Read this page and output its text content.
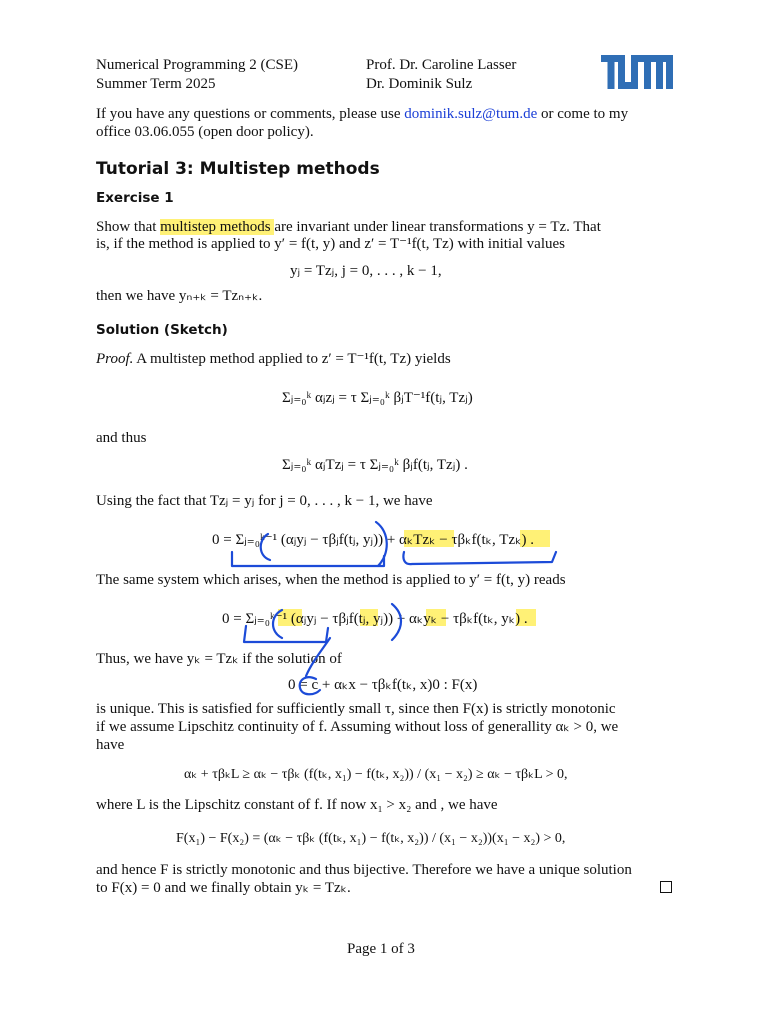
Numerical Programming 2 (CSE)
Summer Term 2025
Prof. Dr. Caroline Lasser
Dr. Dominik Sulz
If you have any questions or comments, please use dominik.sulz@tum.de or come to my
office 03.06.055 (open door policy).
Tutorial 3: Multistep methods
Exercise 1
Show that multistep methods are invariant under linear transformations y = Tz. That
is, if the method is applied to y′ = f(t, y) and z′ = T⁻¹f(t, Tz) with initial values
yⱼ = Tzⱼ, j = 0, . . . , k − 1,
then we have yₙ₊ₖ = Tzₙ₊ₖ.
Solution (Sketch)
Proof. A multistep method applied to z′ = T⁻¹f(t, Tz) yields
Σⱼ₌₀ᵏ αⱼzⱼ = τ Σⱼ₌₀ᵏ βⱼT⁻¹f(tⱼ, Tzⱼ)
and thus
Σⱼ₌₀ᵏ αⱼTzⱼ = τ Σⱼ₌₀ᵏ βⱼf(tⱼ, Tzⱼ) .
Using the fact that Tzⱼ = yⱼ for j = 0, . . . , k − 1, we have
0 = Σⱼ₌₀ᵏ⁻¹ (αⱼyⱼ − τβⱼf(tⱼ, yⱼ)) + αₖTzₖ − τβₖf(tₖ, Tzₖ) .
The same system which arises, when the method is applied to y′ = f(t, y) reads
0 = Σⱼ₌₀ᵏ⁻¹ (αⱼyⱼ − τβⱼf(tⱼ, yⱼ)) + αₖyₖ − τβₖf(tₖ, yₖ) .
Thus, we have yₖ = Tzₖ if the solution of
0 = c + αₖx − τβₖf(tₖ, x)0 : F(x)
is unique. This is satisfied for sufficiently small τ, since then F(x) is strictly monotonic
if we assume Lipschitz continuity of f. Assuming without loss of generallity αₖ > 0, we
have
αₖ + τβₖL ≥ αₖ − τβₖ (f(tₖ, x₁) − f(tₖ, x₂)) / (x₁ − x₂) ≥ αₖ − τβₖL > 0,
where L is the Lipschitz constant of f. If now x₁ > x₂ and , we have
F(x₁) − F(x₂) = (αₖ − τβₖ (f(tₖ, x₁) − f(tₖ, x₂)) / (x₁ − x₂))(x₁ − x₂) > 0,
and hence F is strictly monotonic and thus bijective. Therefore we have a unique solution
to F(x) = 0 and we finally obtain yₖ = Tzₖ.
Page 1 of 3
